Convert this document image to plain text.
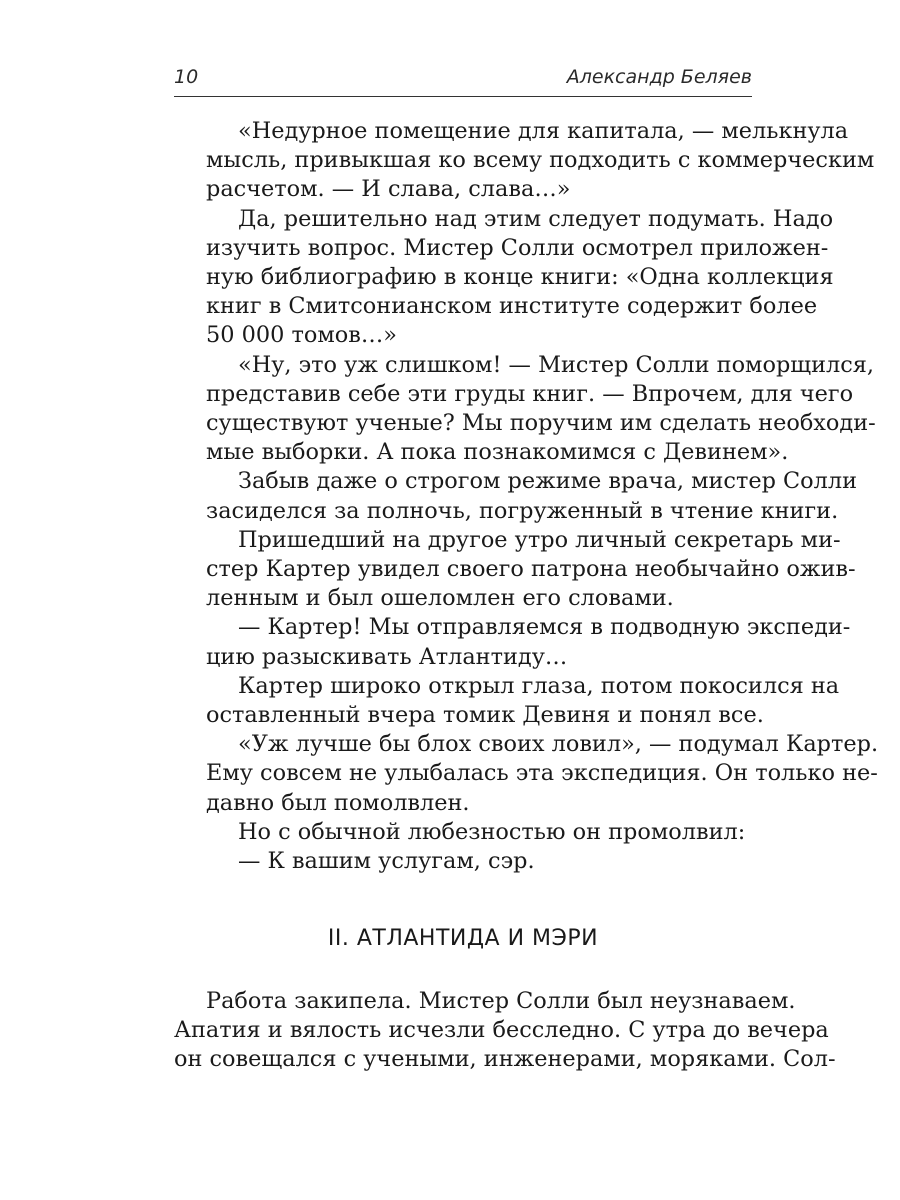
10	Александр Беляев

«Недурное помещение для капитала, — мелькнула
мысль, привыкшая ко всему подходить с коммерческим
расчетом. — И слава, слава…»

Да, решительно над этим следует подумать. Надо
изучить вопрос. Мистер Солли осмотрел приложен-
ную библиографию в конце книги: «Одна коллекция
книг в Смитсонианском институте содержит более
50 000 томов…»

«Ну, это уж слишком! — Мистер Солли поморщился,
представив себе эти груды книг. — Впрочем, для чего
существуют ученые? Мы поручим им сделать необходи-
мые выборки. А пока познакомимся с Девинем».

Забыв даже о строгом режиме врача, мистер Солли
засиделся за полночь, погруженный в чтение книги.

Пришедший на другое утро личный секретарь ми-
стер Картер увидел своего патрона необычайно ожив-
ленным и был ошеломлен его словами.

— Картер! Мы отправляемся в подводную экспеди-
цию разыскивать Атлантиду…

Картер широко открыл глаза, потом покосился на
оставленный вчера томик Девиня и понял все.

«Уж лучше бы блох своих ловил», — подумал Картер.
Ему совсем не улыбалась эта экспедиция. Он только не-
давно был помолвлен.

Но с обычной любезностью он промолвил:

— К вашим услугам, сэр.

II. АТЛАНТИДА И МЭРИ

Работа закипела. Мистер Солли был неузнаваем.
Апатия и вялость исчезли бесследно. С утра до вечера
он совещался с учеными, инженерами, моряками. Сол-
